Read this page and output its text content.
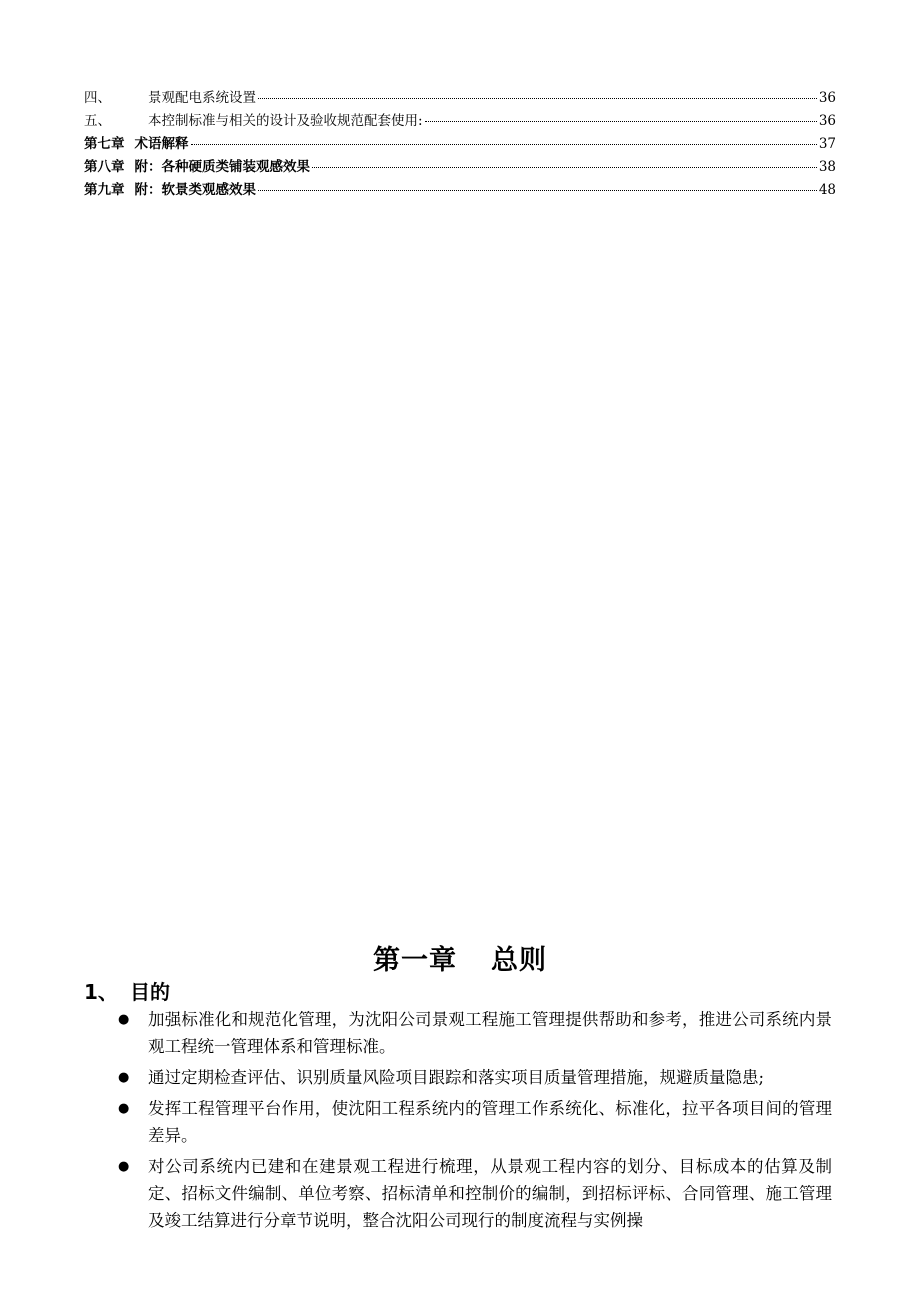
四、	景观配电系统设置	36
五、	本控制标准与相关的设计及验收规范配套使用:	36
第七章 术语解释	37
第八章 附：各种硬质类铺装观感效果	38
第九章 附：软景类观感效果	48
第一章 总则
1、 目的
●	加强标准化和规范化管理，为沈阳公司景观工程施工管理提供帮助和参考，推进公司系统内景观工程统一管理体系和管理标准。
●	通过定期检查评估、识别质量风险项目跟踪和落实项目质量管理措施，规避质量隐患;
●	发挥工程管理平台作用，使沈阳工程系统内的管理工作系统化、标准化，拉平各项目间的管理差异。
●	对公司系统内已建和在建景观工程进行梳理，从景观工程内容的划分、目标成本的估算及制定、招标文件编制、单位考察、招标清单和控制价的编制，到招标评标、合同管理、施工管理及竣工结算进行分章节说明，整合沈阳公司现行的制度流程与实例操
